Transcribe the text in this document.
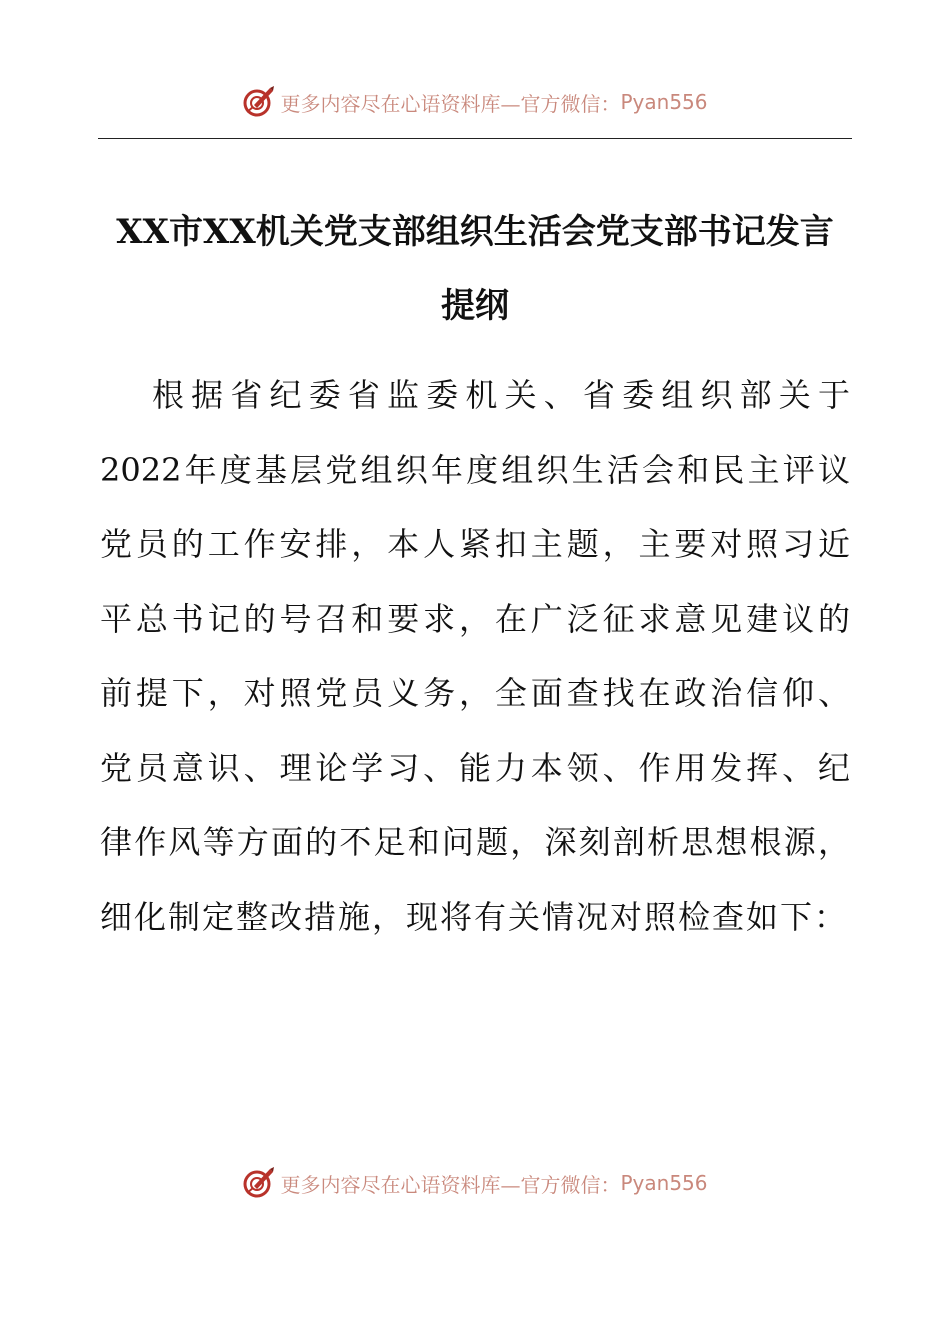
更多内容尽在心语资料库—官方微信： Pyan556
XX市XX机关党支部组织生活会党支部书记发言
提纲
根据省纪委省监委机关、省委组织部关于
2022年度基层党组织年度组织生活会和民主评议
党员的工作安排，本人紧扣主题，主要对照习近
平总书记的号召和要求，在广泛征求意见建议的
前提下，对照党员义务，全面查找在政治信仰、
党员意识、理论学习、能力本领、作用发挥、纪
律作风等方面的不足和问题，深刻剖析思想根源，
细化制定整改措施，现将有关情况对照检查如下：
更多内容尽在心语资料库—官方微信： Pyan556
